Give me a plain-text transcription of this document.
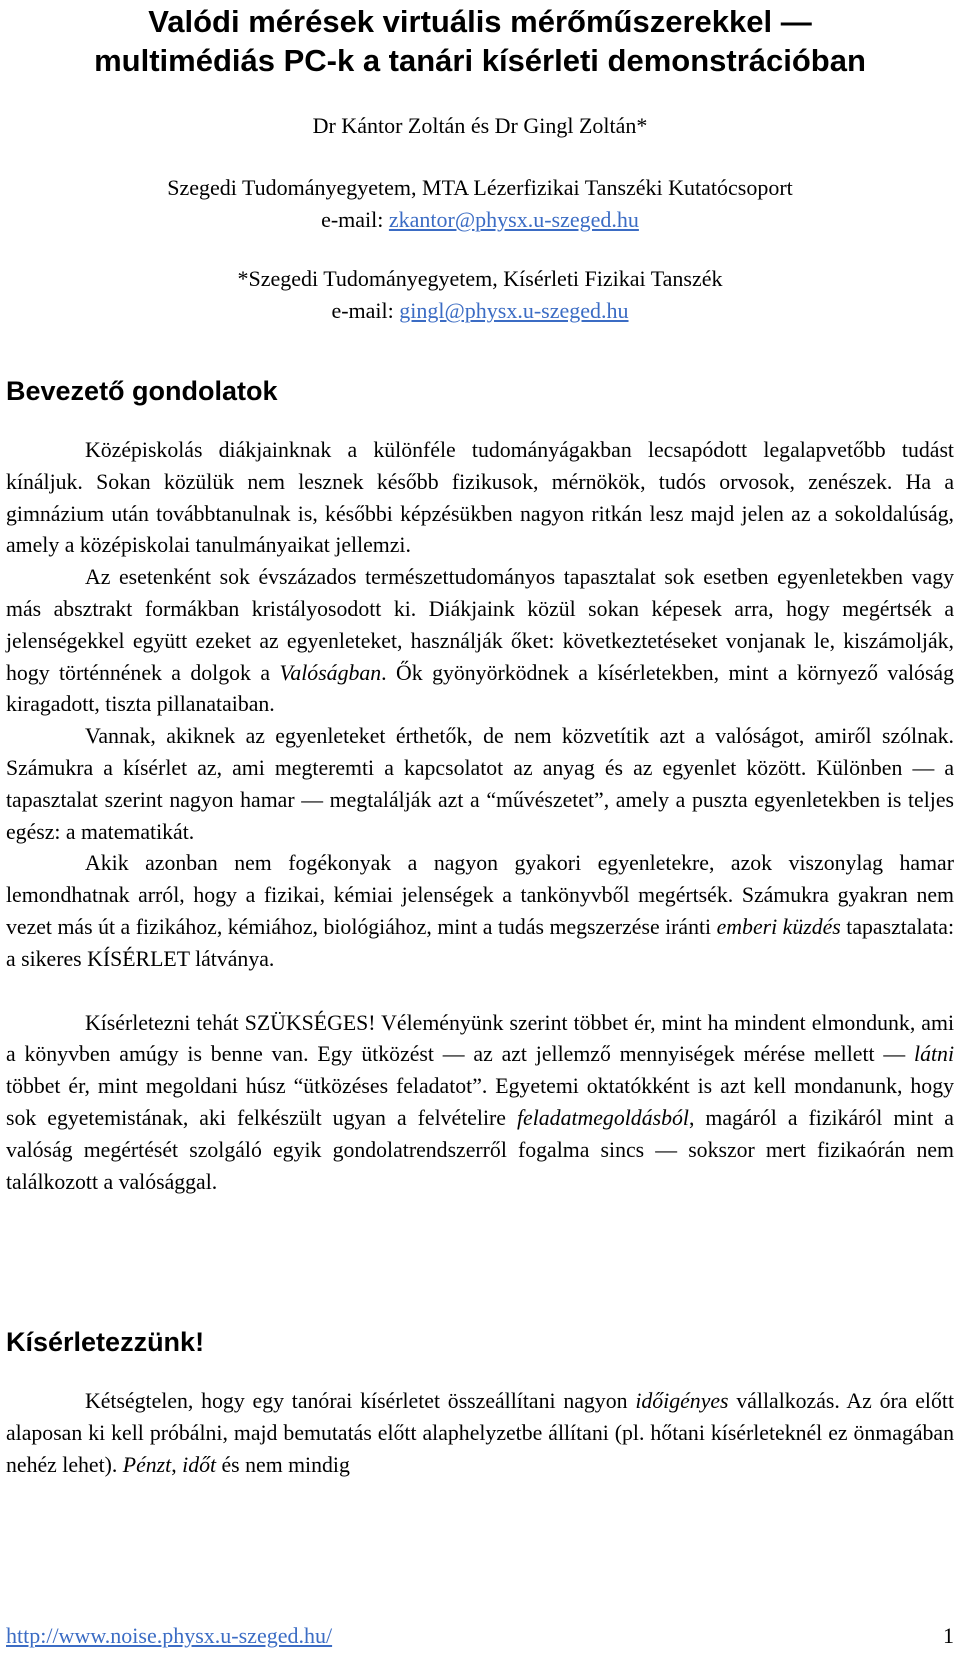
Valódi mérések virtuális mérőműszerekkel —
multimédiás PC-k a tanári kísérleti demonstrációban
Dr Kántor Zoltán és Dr Gingl Zoltán*
Szegedi Tudományegyetem, MTA Lézerfizikai Tanszéki Kutatócsoport
e-mail: zkantor@physx.u-szeged.hu
*Szegedi Tudományegyetem, Kísérleti Fizikai Tanszék
e-mail: gingl@physx.u-szeged.hu
Bevezető gondolatok

Középiskolás diákjainknak a különféle tudományágakban lecsapódott legalapvetőbb tudást kínáljuk. Sokan közülük nem lesznek később fizikusok, mérnökök, tudós orvosok, zenészek. Ha a gimnázium után továbbtanulnak is, későbbi képzésükben nagyon ritkán lesz majd jelen az a sokoldalúság, amely a középiskolai tanulmányaikat jellemzi.

Az esetenként sok évszázados természettudományos tapasztalat sok esetben egyenletekben vagy más absztrakt formákban kristályosodott ki. Diákjaink közül sokan képesek arra, hogy megértsék a jelenségekkel együtt ezeket az egyenleteket, használják őket: következtetéseket vonjanak le, kiszámolják, hogy történnének a dolgok a Valóságban. Ők gyönyörködnek a kísérletekben, mint a környező valóság kiragadott, tiszta pillanataiban.

Vannak, akiknek az egyenleteket érthetők, de nem közvetítik azt a valóságot, amiről szólnak. Számukra a kísérlet az, ami megteremti a kapcsolatot az anyag és az egyenlet között. Különben — a tapasztalat szerint nagyon hamar — megtalálják azt a “művészetet”, amely a puszta egyenletekben is teljes egész: a matematikát.

Akik azonban nem fogékonyak a nagyon gyakori egyenletekre, azok viszonylag hamar lemondhatnak arról, hogy a fizikai, kémiai jelenségek a tankönyvből megértsék. Számukra gyakran nem vezet más út a fizikához, kémiához, biológiához, mint a tudás megszerzése iránti emberi küzdés tapasztalata: a sikeres KÍSÉRLET látványa.

Kísérletezni tehát SZÜKSÉGES! Véleményünk szerint többet ér, mint ha mindent elmondunk, ami a könyvben amúgy is benne van. Egy ütközést — az azt jellemző mennyiségek mérése mellett — látni többet ér, mint megoldani húsz “ütközéses feladatot”. Egyetemi oktatókként is azt kell mondanunk, hogy sok egyetemistának, aki felkészült ugyan a felvételire feladatmegoldásból, magáról a fizikáról mint a valóság megértését szolgáló egyik gondolatrendszerről fogalma sincs — sokszor mert fizikaórán nem találkozott a valósággal.

Kísérletezzünk!

Kétségtelen, hogy egy tanórai kísérletet összeállítani nagyon időigényes vállalkozás. Az óra előtt alaposan ki kell próbálni, majd bemutatás előtt alaphelyzetbe állítani (pl. hőtani kísérleteknél ez önmagában nehéz lehet). Pénzt, időt és nem mindig

http://www.noise.physx.u-szeged.hu/	1
